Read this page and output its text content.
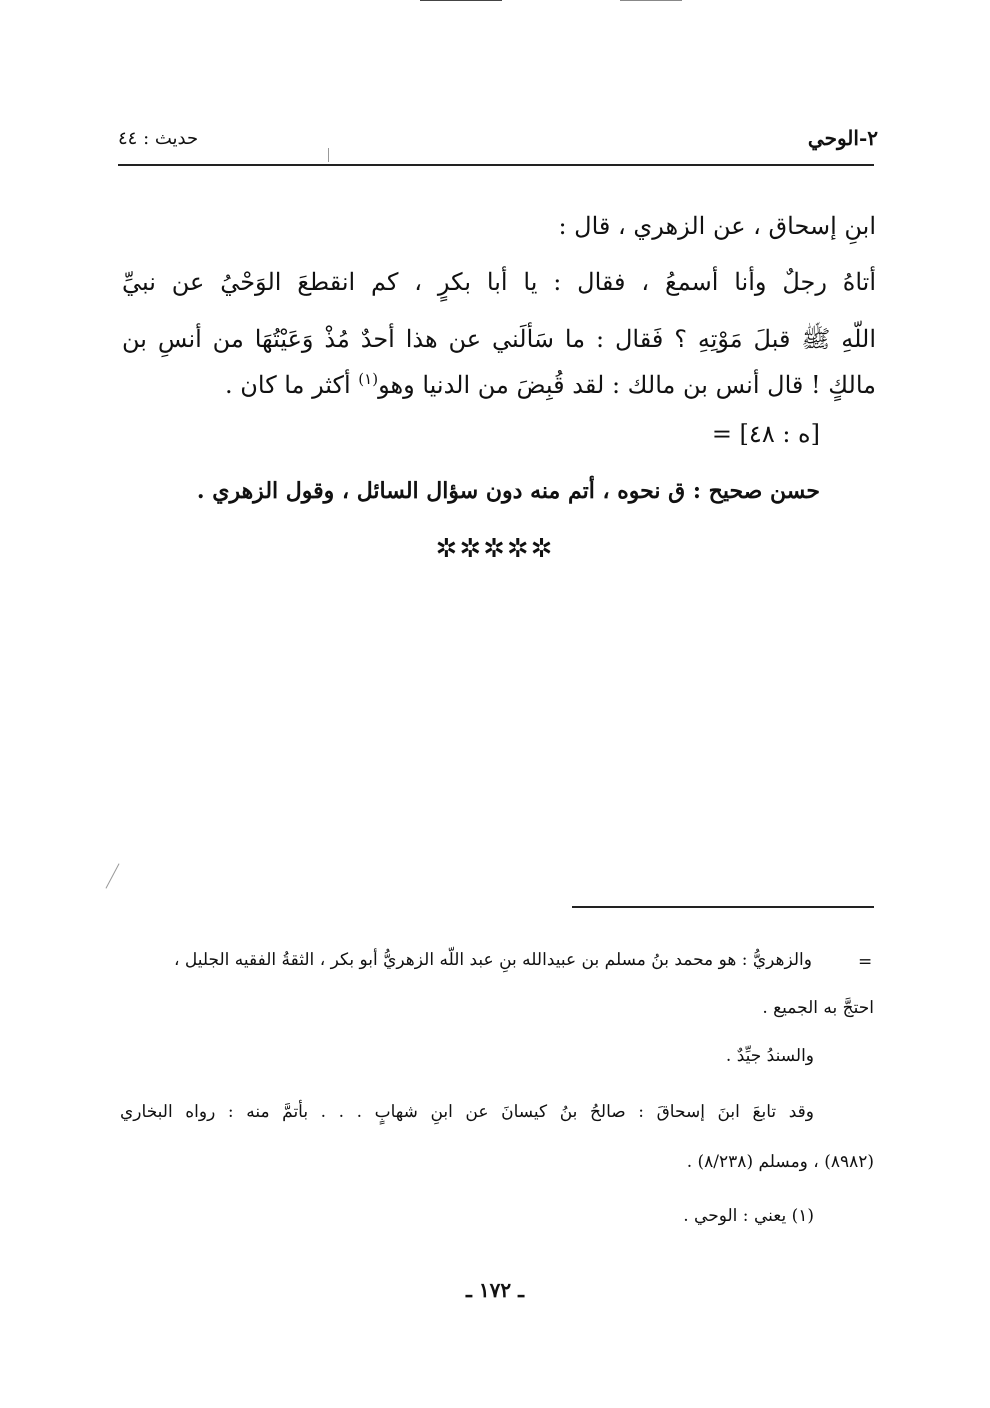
٢-الوحي
حديث : ٤٤
ابنِ إسحاق ، عن الزهري ، قال :
أتاهُ رجلٌ وأنا أسمعُ ، فقال : يا أبا بكرٍ ، كم انقطعَ الوَحْيُ عن نبيِّ
اللّهِ ﷺ قبلَ مَوْتِهِ ؟ فَقال : ما سَألَني عن هذا أحدٌ مُذْ وَعَيْتُهَا من أنسِ بن
مالكٍ ! قال أنس بن مالك : لقد قُبِضَ من الدنيا وهو$^{(١)}$ أكثر ما كان .
= [ه : ٤٨]
حسن صحيح : ق نحوه ، أتم منه دون سؤال السائل ، وقول الزهري .
✲✲✲✲✲
=
والزهريُّ : هو محمد بنُ مسلم بن عبيدالله بنِ عبد اللّه الزهريُّ أبو بكر ، الثقةُ الفقيه الجليل ،
احتجَّ به الجميع .
والسندُ جيِّدٌ .
وقد تابعَ ابنَ إسحاقَ : صالحُ بنُ كيسانَ عن ابنِ شهابٍ . . . بأتمَّ منه : رواه البخاري
(٨٩٨٢) ، ومسلم (٨/٢٣٨) .
(١) يعني : الوحي .
ـ ١٧٢ ـ
